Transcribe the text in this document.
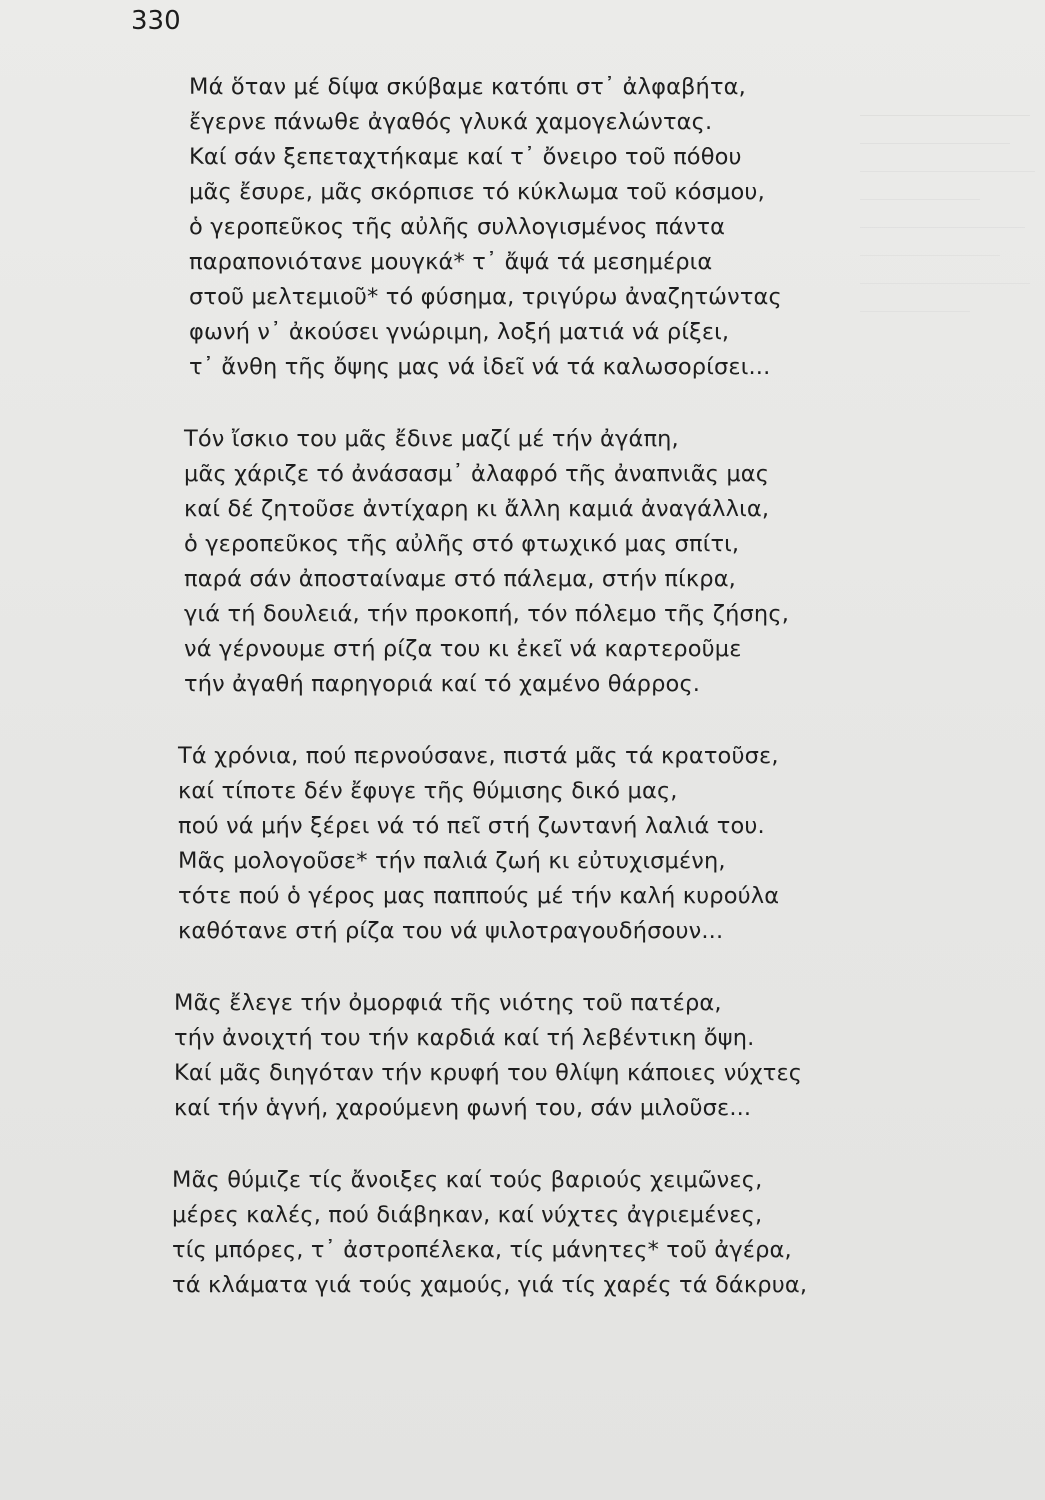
330
Μά ὅταν μέ δίψα σκύβαμε κατόπι στ᾽ ἀλφαβήτα,
ἔγερνε πάνωθε ἀγαθός γλυκά χαμογελώντας.
Καί σάν ξεπεταχτήκαμε καί τ᾽ ὄνειρο τοῦ πόθου
μᾶς ἔσυρε, μᾶς σκόρπισε τό κύκλωμα τοῦ κόσμου,
ὁ γεροπεῦκος τῆς αὐλῆς συλλογισμένος πάντα
παραπονιότανε μουγκά* τ᾽ ἄψά τά μεσημέρια
στοῦ μελτεμιοῦ* τό φύσημα, τριγύρω ἀναζητώντας
φωνή ν᾽ ἀκούσει γνώριμη, λοξή ματιά νά ρίξει,
τ᾽ ἄνθη τῆς ὄψης μας νά ἰδεῖ νά τά καλωσορίσει...
Τόν ἴσκιο του μᾶς ἔδινε μαζί μέ τήν ἀγάπη,
μᾶς χάριζε τό ἀνάσασμ᾽ ἀλαφρό τῆς ἀναπνιᾶς μας
καί δέ ζητοῦσε ἀντίχαρη κι ἄλλη καμιά ἀναγάλλια,
ὁ γεροπεῦκος τῆς αὐλῆς στό φτωχικό μας σπίτι,
παρά σάν ἀποσταίναμε στό πάλεμα, στήν πίκρα,
γιά τή δουλειά, τήν προκοπή, τόν πόλεμο τῆς ζήσης,
νά γέρνουμε στή ρίζα του κι ἐκεῖ νά καρτεροῦμε
τήν ἀγαθή παρηγοριά καί τό χαμένο θάρρος.
Τά χρόνια, πού περνούσανε, πιστά μᾶς τά κρατοῦσε,
καί τίποτε δέν ἔφυγε τῆς θύμισης δικό μας,
πού νά μήν ξέρει νά τό πεῖ στή ζωντανή λαλιά του.
Μᾶς μολογοῦσε* τήν παλιά ζωή κι εὐτυχισμένη,
τότε πού ὁ γέρος μας παππούς μέ τήν καλή κυρούλα
καθότανε στή ρίζα του νά ψιλοτραγουδήσουν...
Μᾶς ἔλεγε τήν ὀμορφιά τῆς νιότης τοῦ πατέρα,
τήν ἀνοιχτή του τήν καρδιά καί τή λεβέντικη ὄψη.
Καί μᾶς διηγόταν τήν κρυφή του θλίψη κάποιες νύχτες
καί τήν ἁγνή, χαρούμενη φωνή του, σάν μιλοῦσε...
Μᾶς θύμιζε τίς ἄνοιξες καί τούς βαριούς χειμῶνες,
μέρες καλές, πού διάβηκαν, καί νύχτες ἀγριεμένες,
τίς μπόρες, τ᾽ ἀστροπέλεκα, τίς μάνητες* τοῦ ἀγέρα,
τά κλάματα γιά τούς χαμούς, γιά τίς χαρές τά δάκρυα,
